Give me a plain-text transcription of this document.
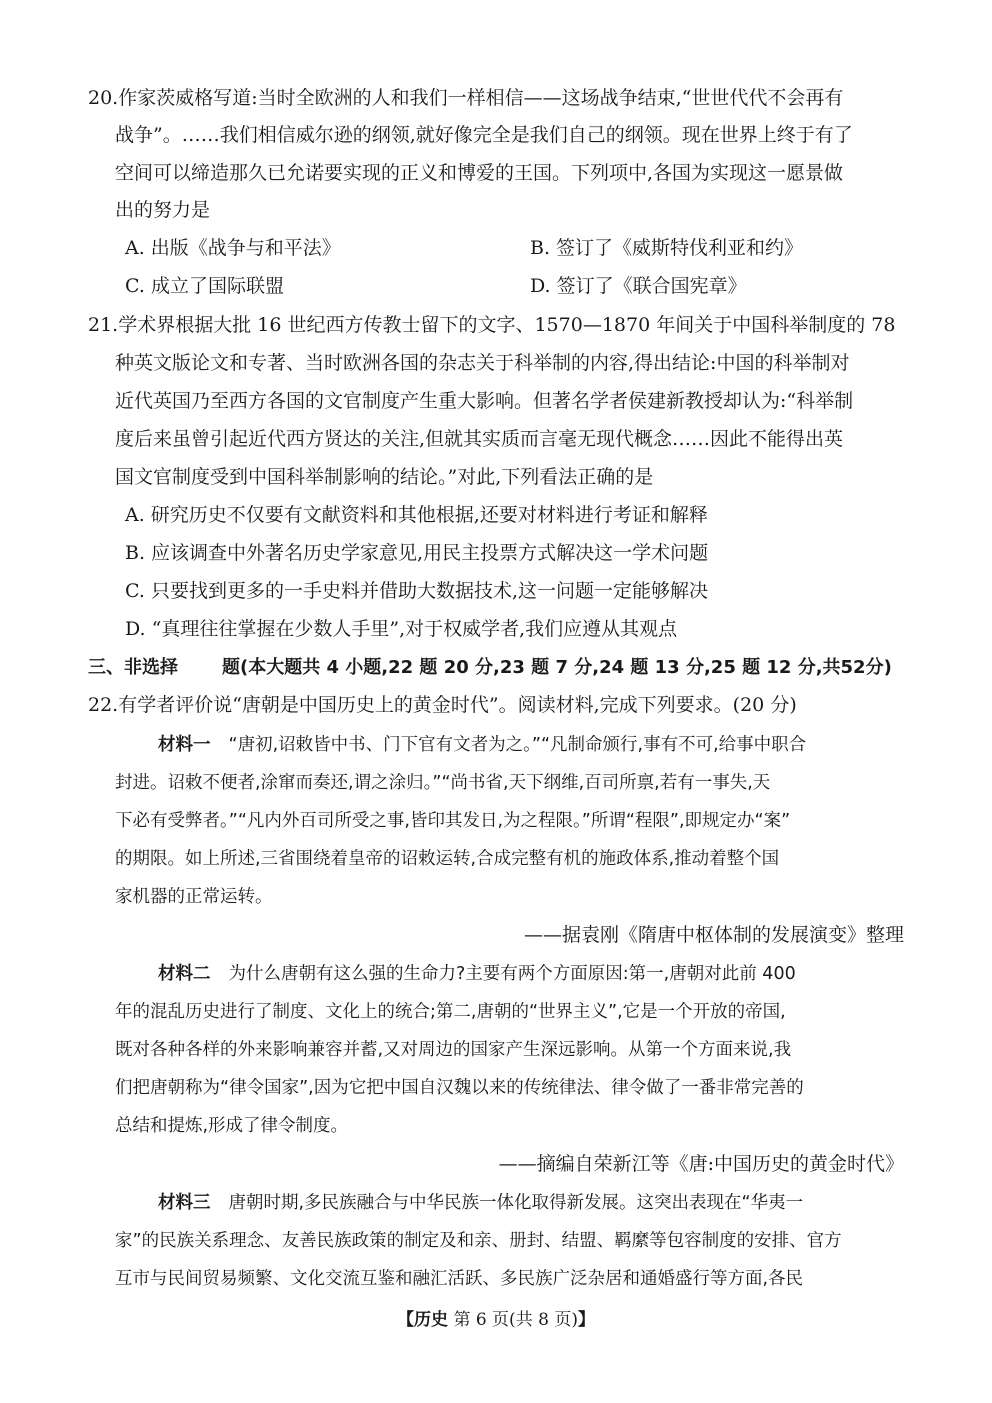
20.作家茨威格写道:当时全欧洲的人和我们一样相信——这场战争结束,“世世代代不会再有
战争”。……我们相信威尔逊的纲领,就好像完全是我们自己的纲领。现在世界上终于有了
空间可以缔造那久已允诺要实现的正义和博爱的王国。下列项中,各国为实现这一愿景做
出的努力是
A. 出版《战争与和平法》	B. 签订了《威斯特伐利亚和约》
C. 成立了国际联盟	D. 签订了《联合国宪章》
21.学术界根据大批 16 世纪西方传教士留下的文字、1570—1870 年间关于中国科举制度的 78
种英文版论文和专著、当时欧洲各国的杂志关于科举制的内容,得出结论:中国的科举制对
近代英国乃至西方各国的文官制度产生重大影响。但著名学者侯建新教授却认为:“科举制
度后来虽曾引起近代西方贤达的关注,但就其实质而言毫无现代概念……因此不能得出英
国文官制度受到中国科举制影响的结论。”对此,下列看法正确的是
A. 研究历史不仅要有文献资料和其他根据,还要对材料进行考证和解释
B. 应该调查中外著名历史学家意见,用民主投票方式解决这一学术问题
C. 只要找到更多的一手史料并借助大数据技术,这一问题一定能够解决
D. “真理往往掌握在少数人手里”,对于权威学者,我们应遵从其观点
三、非选择 题(本大题共 4 小题,22 题 20 分,23 题 7 分,24 题 13 分,25 题 12 分,共52分)
22.有学者评价说“唐朝是中国历史上的黄金时代”。阅读材料,完成下列要求。(20 分)
材料一 “唐初,诏敕皆中书、门下官有文者为之。”“凡制命颁行,事有不可,给事中职合
封进。诏敕不便者,涂窜而奏还,谓之涂归。”“尚书省,天下纲维,百司所禀,若有一事失,天
下必有受弊者。”“凡内外百司所受之事,皆印其发日,为之程限。”所谓“程限”,即规定办“案”
的期限。如上所述,三省围绕着皇帝的诏敕运转,合成完整有机的施政体系,推动着整个国
家机器的正常运转。
——据袁刚《隋唐中枢体制的发展演变》整理
材料二 为什么唐朝有这么强的生命力?主要有两个方面原因:第一,唐朝对此前 400
年的混乱历史进行了制度、文化上的统合;第二,唐朝的“世界主义”,它是一个开放的帝国,
既对各种各样的外来影响兼容并蓄,又对周边的国家产生深远影响。从第一个方面来说,我
们把唐朝称为“律令国家”,因为它把中国自汉魏以来的传统律法、律令做了一番非常完善的
总结和提炼,形成了律令制度。
——摘编自荣新江等《唐:中国历史的黄金时代》
材料三 唐朝时期,多民族融合与中华民族一体化取得新发展。这突出表现在“华夷一
家”的民族关系理念、友善民族政策的制定及和亲、册封、结盟、羁縻等包容制度的安排、官方
互市与民间贸易频繁、文化交流互鉴和融汇活跃、多民族广泛杂居和通婚盛行等方面,各民
【历史 第 6 页(共 8 页)】
